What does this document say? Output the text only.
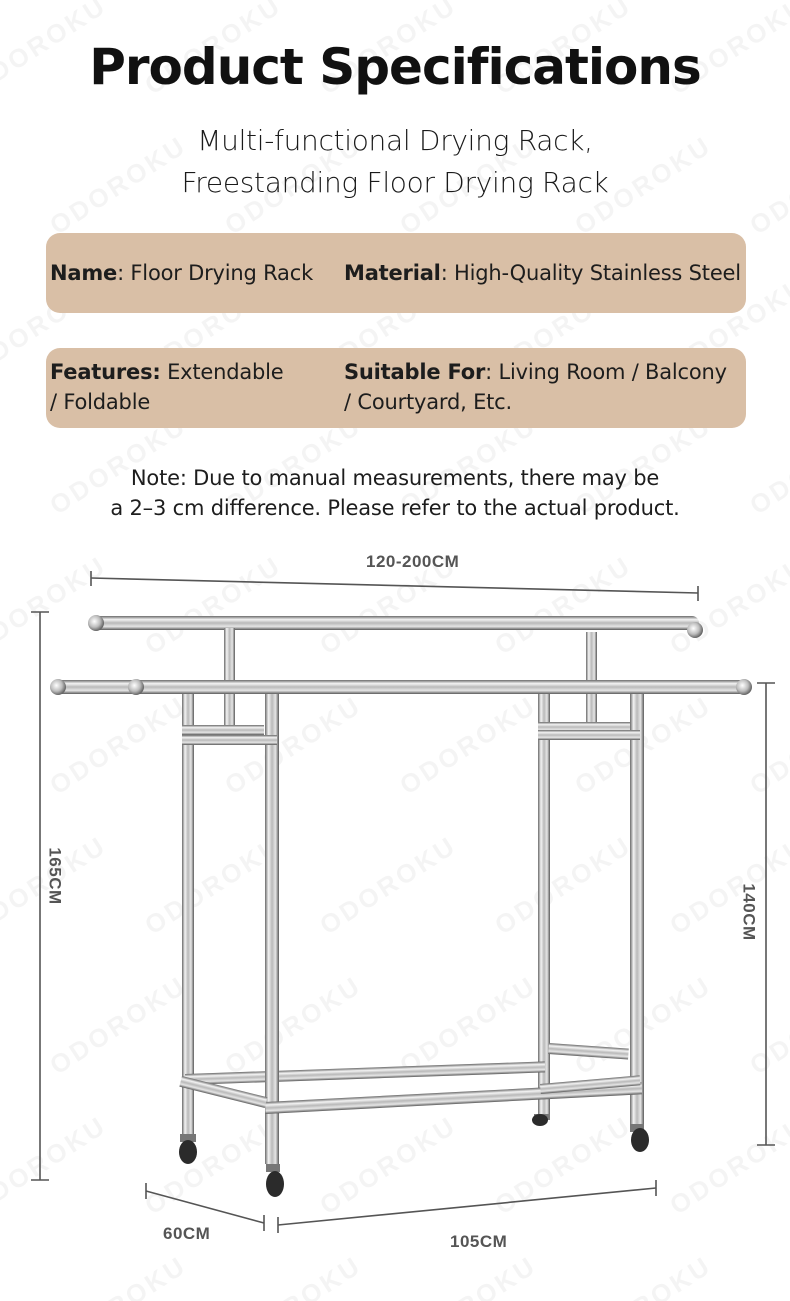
Product Specifications
Multi-functional Drying Rack,
Freestanding Floor Drying Rack
Name: Floor Drying Rack Material: High-Quality Stainless Steel
Features: Extendable
/ Foldable
Suitable For: Living Room / Balcony
/ Courtyard, Etc.
Note: Due to manual measurements, there may be
a 2–3 cm difference. Please refer to the actual product.
120-200CM
165CM
140CM
60CM	105CM
